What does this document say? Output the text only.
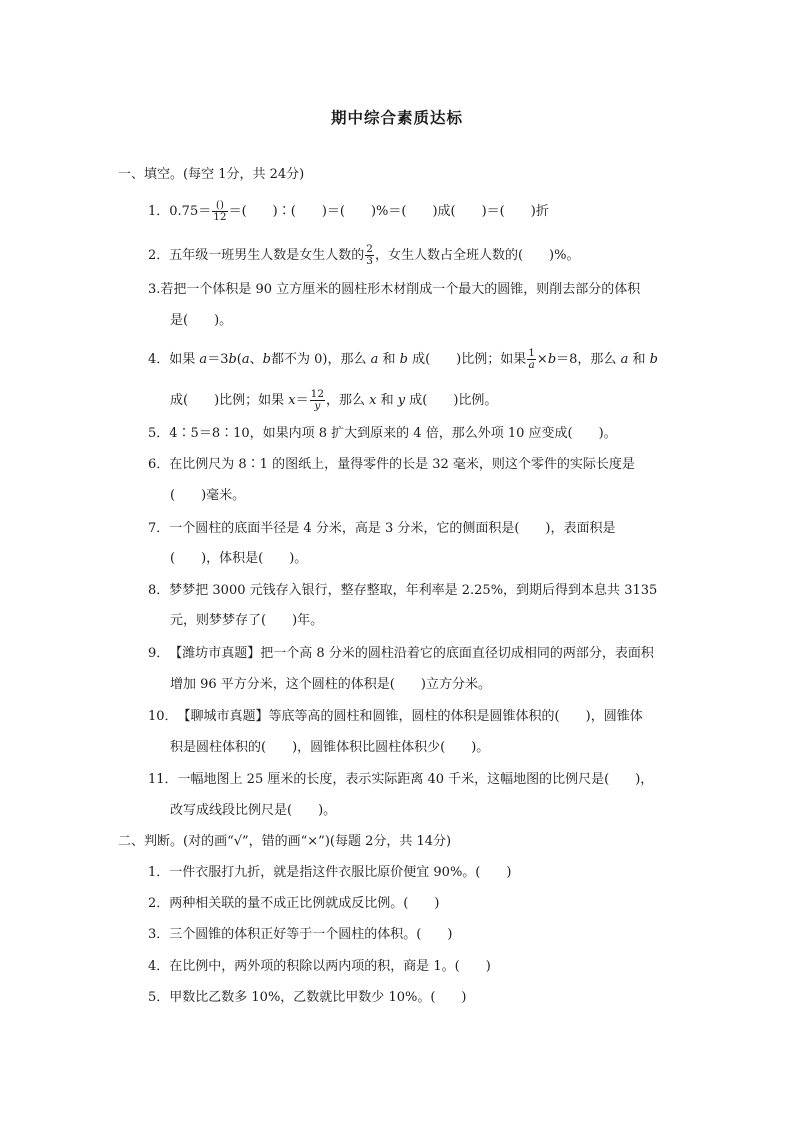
期中综合素质达标
一、填空。(每空 1分，共 24分)
1．$0.75= \frac{()}{12}$ ＝(　　)∶(　　)＝(　　)%＝(　　)成(　　)＝(　　)折
2．五年级一班男生人数是女生人数的 $\frac{2}{3}$ ，女生人数占全班人数的(　　)%。
3.若把一个体积是 90 立方厘米的圆柱形木材削成一个最大的圆锥，则削去部分的体积
是(　　)。
4．如果 a＝3b(a、b都不为 0)，那么 a 和 b 成(　　)比例；如果 $\frac{1}{a} \times b=8$，那么 a 和 b
成(　　)比例；如果 $x= \frac{12}{y}$ ，那么 x 和 y 成(　　)比例。
5．4∶5＝8∶10，如果内项 8 扩大到原来的 4 倍，那么外项 10 应变成(　　)。
6．在比例尺为 8∶1 的图纸上，量得零件的长是 32 毫米，则这个零件的实际长度是
(　　)毫米。
7．一个圆柱的底面半径是 4 分米，高是 3 分米，它的侧面积是(　　)，表面积是
(　　)，体积是(　　)。
8．梦梦把 3000 元钱存入银行，整存整取，年利率是 2.25%，到期后得到本息共 3135
元，则梦梦存了(　　)年。
9．【潍坊市真题】把一个高 8 分米的圆柱沿着它的底面直径切成相同的两部分，表面积
增加 96 平方分米，这个圆柱的体积是(　　)立方分米。
10．【聊城市真题】等底等高的圆柱和圆锥，圆柱的体积是圆锥体积的(　　)，圆锥体
积是圆柱体积的(　　)，圆锥体积比圆柱体积少(　　)。
11．一幅地图上 25 厘米的长度，表示实际距离 40 千米，这幅地图的比例尺是(　　)，
改写成线段比例尺是(　　)。
二、判断。(对的画“√”，错的画“×”)(每题 2分，共 14分)
1．一件衣服打九折，就是指这件衣服比原价便宜 90%。(　　)
2．两种相关联的量不成正比例就成反比例。(　　)
3．三个圆锥的体积正好等于一个圆柱的体积。(　　)
4．在比例中，两外项的积除以两内项的积，商是 1。(　　)
5．甲数比乙数多 10%，乙数就比甲数少 10%。(　　)
